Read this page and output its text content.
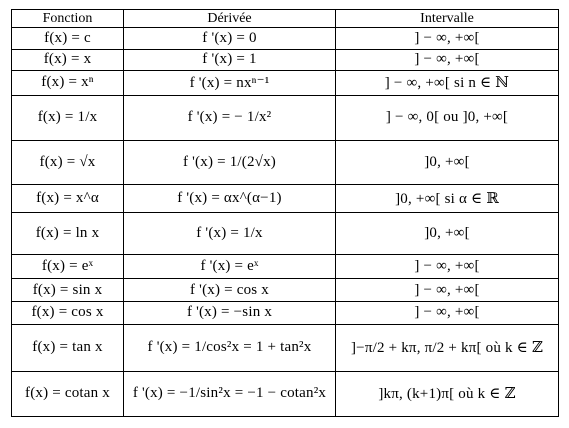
Fonction	Dérivée	Intervalle
f(x) = c	f '(x) = 0	] − ∞, +∞[
f(x) = x	f '(x) = 1	] − ∞, +∞[
f(x) = xⁿ	f '(x) = nxⁿ⁻¹	] − ∞, +∞[ si n ∈ ℕ
f(x) = 1/x	f '(x) = − 1/x²	] − ∞, 0[ ou ]0, +∞[
f(x) = √x	f '(x) = 1/(2√x)	]0, +∞[
f(x) = x^α	f '(x) = αx^(α−1)	]0, +∞[ si α ∈ ℝ
f(x) = ln x	f '(x) = 1/x	]0, +∞[
f(x) = eˣ	f '(x) = eˣ	] − ∞, +∞[
f(x) = sin x	f '(x) = cos x	] − ∞, +∞[
f(x) = cos x	f '(x) = −sin x	] − ∞, +∞[
f(x) = tan x	f '(x) = 1/cos²x = 1 + tan²x	]−π/2 + kπ, π/2 + kπ[ où k ∈ ℤ
f(x) = cotan x	f '(x) = −1/sin²x = −1 − cotan²x	]kπ, (k+1)π[ où k ∈ ℤ
